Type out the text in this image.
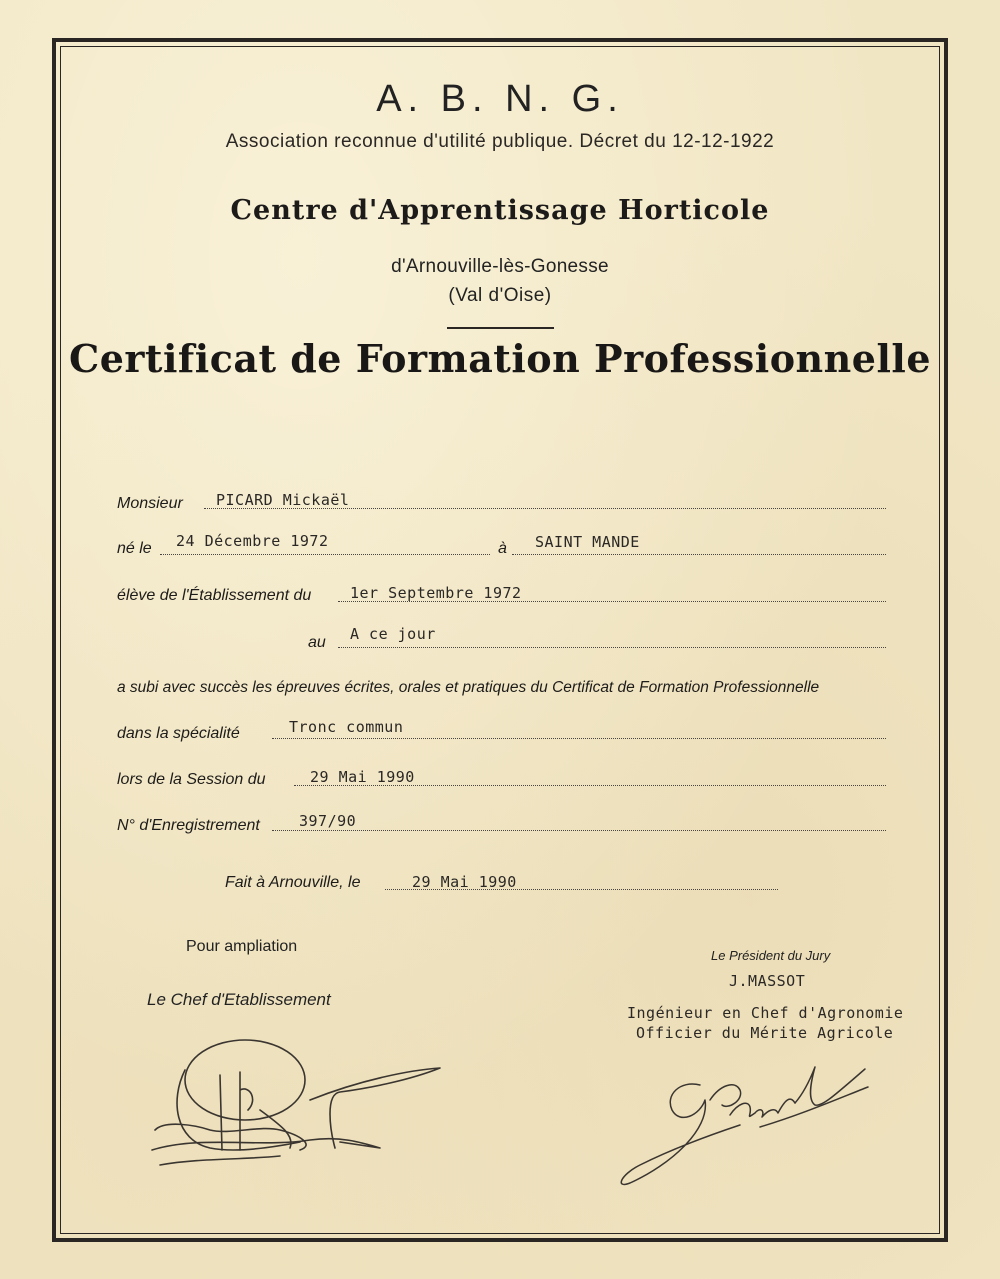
A. B. N. G.
Association reconnue d'utilité publique. Décret du 12-12-1922
Centre d'Apprentissage Horticole
d'Arnouville-lès-Gonesse
(Val d'Oise)
Certificat de Formation Professionnelle
Monsieur PICARD Mickaël
né le 24 Décembre 1972	à SAINT MANDE
élève de l'Établissement du	1er Septembre 1972
au A ce jour
a subi avec succès les épreuves écrites, orales et pratiques du Certificat de Formation Professionnelle
dans la spécialité	Tronc commun
lors de la Session du	29 Mai 1990
N° d'Enregistrement	397/90
Fait à Arnouville, le	29 Mai 1990
Pour ampliation
Le Chef d'Etablissement
Le Président du Jury
J.MASSOT
Ingénieur en Chef d'Agronomie
Officier du Mérite Agricole
